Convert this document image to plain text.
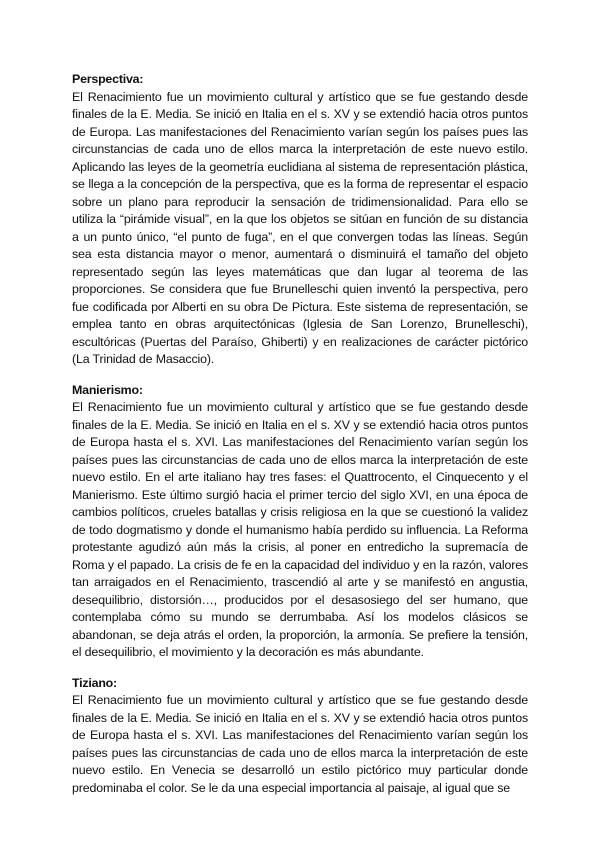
Perspectiva:

El Renacimiento fue un movimiento cultural y artístico que se fue gestando desde finales de la E. Media. Se inició en Italia en el s. XV y se extendió hacia otros puntos de Europa. Las manifestaciones del Renacimiento varían según los países pues las circunstancias de cada uno de ellos marca la interpretación de este nuevo estilo. Aplicando las leyes de la geometría euclidiana al sistema de representación plástica, se llega a la concepción de la perspectiva, que es la forma de representar el espacio sobre un plano para reproducir la sensación de tridimensionalidad. Para ello se utiliza la “pirámide visual”, en la que los objetos se sitúan en función de su distancia a un punto único, “el punto de fuga”, en el que convergen todas las líneas. Según sea esta distancia mayor o menor, aumentará o disminuirá el tamaño del objeto representado según las leyes matemáticas que dan lugar al teorema de las proporciones. Se considera que fue Brunelleschi quien inventó la perspectiva, pero fue codificada por Alberti en su obra De Pictura. Este sistema de representación, se emplea tanto en obras arquitectónicas (Iglesia de San Lorenzo, Brunelleschi), escultóricas (Puertas del Paraíso, Ghiberti) y en realizaciones de carácter pictórico (La Trinidad de Masaccio).

Manierismo:

El Renacimiento fue un movimiento cultural y artístico que se fue gestando desde finales de la E. Media. Se inició en Italia en el s. XV y se extendió hacia otros puntos de Europa hasta el s. XVI. Las manifestaciones del Renacimiento varían según los países pues las circunstancias de cada uno de ellos marca la interpretación de este nuevo estilo. En el arte italiano hay tres fases: el Quattrocento, el Cinquecento y el Manierismo. Este último surgió hacia el primer tercio del siglo XVI, en una época de cambios políticos, crueles batallas y crisis religiosa en la que se cuestionó la validez de todo dogmatismo y donde el humanismo había perdido su influencia. La Reforma protestante agudizó aún más la crisis, al poner en entredicho la supremacía de Roma y el papado. La crisis de fe en la capacidad del individuo y en la razón, valores tan arraigados en el Renacimiento, trascendió al arte y se manifestó en angustia, desequilibrio, distorsión…, producidos por el desasosiego del ser humano, que contemplaba cómo su mundo se derrumbaba. Así los modelos clásicos se abandonan, se deja atrás el orden, la proporción, la armonía. Se prefiere la tensión, el desequilibrio, el movimiento y la decoración es más abundante.

Tiziano:

El Renacimiento fue un movimiento cultural y artístico que se fue gestando desde finales de la E. Media. Se inició en Italia en el s. XV y se extendió hacia otros puntos de Europa hasta el s. XVI. Las manifestaciones del Renacimiento varían según los países pues las circunstancias de cada uno de ellos marca la interpretación de este nuevo estilo. En Venecia se desarrolló un estilo pictórico muy particular donde predominaba el color. Se le da una especial importancia al paisaje, al igual que se
